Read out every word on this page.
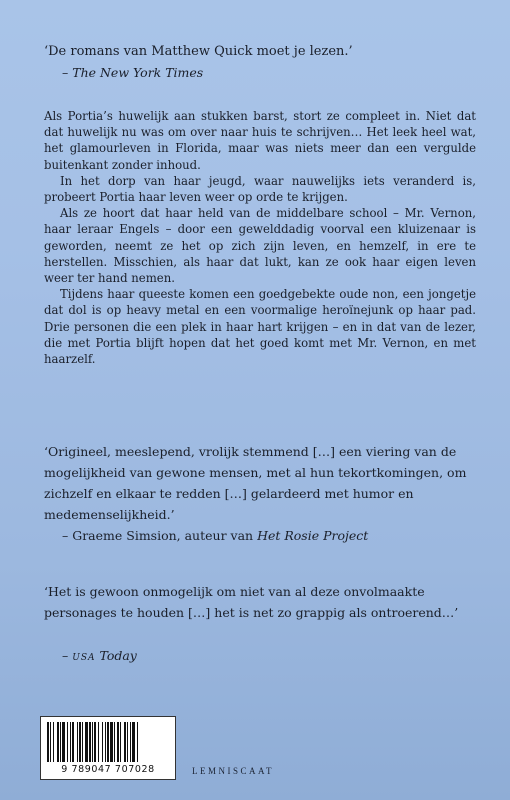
‘De romans van Matthew Quick moet je lezen.’

– The New York Times

Als Portia’s huwelijk aan stukken barst, stort ze compleet in. Niet dat dat huwelijk nu was om over naar huis te schrijven… Het leek heel wat, het glamourleven in Florida, maar was niets meer dan een vergulde buitenkant zonder inhoud.

In het dorp van haar jeugd, waar nauwelijks iets veranderd is, probeert Portia haar leven weer op orde te krijgen.

Als ze hoort dat haar held van de middelbare school – Mr. Vernon, haar leraar Engels – door een gewelddadig voorval een kluizenaar is geworden, neemt ze het op zich zijn leven, en hemzelf, in ere te herstellen. Misschien, als haar dat lukt, kan ze ook haar eigen leven weer ter hand nemen.

Tijdens haar queeste komen een goedgebekte oude non, een jongetje dat dol is op heavy metal en een voormalige heroïnejunk op haar pad. Drie personen die een plek in haar hart krijgen – en in dat van de lezer, die met Portia blijft hopen dat het goed komt met Mr. Vernon, en met haarzelf.

‘Origineel, meeslepend, vrolijk stemmend […] een viering van de mogelijkheid van gewone mensen, met al hun tekortkomingen, om zichzelf en elkaar te redden […] gelardeerd met humor en medemenselijkheid.’

– Graeme Simsion, auteur van Het Rosie Project

‘Het is gewoon onmogelijk om niet van al deze onvolmaakte personages te houden […] het is net zo grappig als ontroerend…’

– usa Today

9 789047 707028	LEMNISCAAT
